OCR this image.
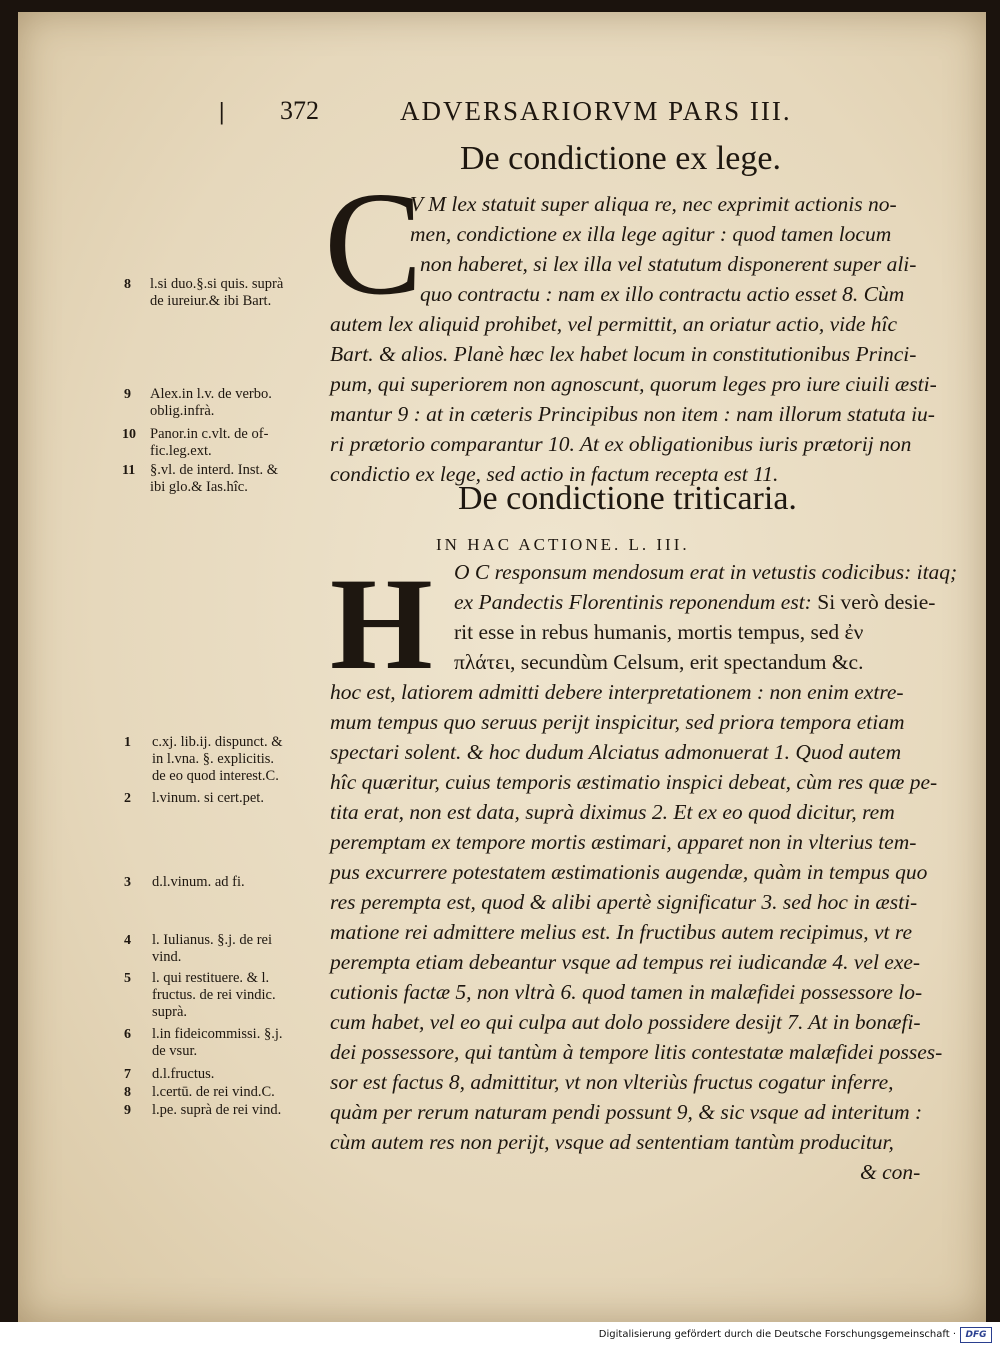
| 372	ADVERSARIORVM PARS III.
De condictione ex lege.
C
V M lex statuit super aliqua re, nec exprimit actionis no-
men, condictione ex illa lege agitur : quod tamen locum
non haberet, si lex illa vel statutum disponerent super ali-
quo contractu : nam ex illo contractu actio esset 8. Cùm
autem lex aliquid prohibet, vel permittit, an oriatur actio, vide hîc
Bart. & alios. Planè hæc lex habet locum in constitutionibus Princi-
pum, qui superiorem non agnoscunt, quorum leges pro iure ciuili æsti-
mantur 9 : at in cæteris Principibus non item : nam illorum statuta iu-
ri prætorio comparantur 10. At ex obligationibus iuris prætorij non
condictio ex lege, sed actio in factum recepta est 11.
8 l.si duo.§.si quis. suprà
de iureiur.& ibi Bart.
9 Alex.in l.v. de verbo.
oblig.infrà.
10 Panor.in c.vlt. de of-
fic.leg.ext.
11 §.vl. de interd. Inst. &
ibi glo.& Ias.hîc.	De condictione triticaria.
IN HAC ACTIONE. L. III.
H O C responsum mendosum erat in vetustis codicibus: itaq;
ex Pandectis Florentinis reponendum est: Si verò desie-
rit esse in rebus humanis, mortis tempus, sed ἐν
πλάτει, secundùm Celsum, erit spectandum &c.
hoc est, latiorem admitti debere interpretationem : non enim extre-
mum tempus quo seruus perijt inspicitur, sed priora tempora etiam
spectari solent. & hoc dudum Alciatus admonuerat 1. Quod autem
hîc quæritur, cuius temporis æstimatio inspici debeat, cùm res quæ pe-
tita erat, non est data, suprà diximus 2. Et ex eo quod dicitur, rem
peremptam ex tempore mortis æstimari, apparet non in vlterius tem-
pus excurrere potestatem æstimationis augendæ, quàm in tempus quo
res perempta est, quod & alibi apertè significatur 3. sed hoc in æsti-
matione rei admittere melius est. In fructibus autem recipimus, vt re
perempta etiam debeantur vsque ad tempus rei iudicandæ 4. vel exe-
cutionis factæ 5, non vltrà 6. quod tamen in malæfidei possessore lo-
cum habet, vel eo qui culpa aut dolo possidere desijt 7. At in bonæfi-
dei possessore, qui tantùm à tempore litis contestatæ malæfidei posses-
sor est factus 8, admittitur, vt non vlteriùs fructus cogatur inferre,
quàm per rerum naturam pendi possunt 9, & sic vsque ad interitum :
cùm autem res non perijt, vsque ad sententiam tantùm producitur,
& con-
1 c.xj. lib.ij. dispunct. &
in l.vna. §. explicitis.
de eo quod interest.C.
2 l.vinum. si cert.pet.
3 d.l.vinum. ad fi.
4 l. Iulianus. §.j. de rei
vind.
5 l. qui restituere. & l.
fructus. de rei vindic.
suprà.
6 l.in fideicommissi. §.j.
de vsur.
7 d.l.fructus.
8 l.certū. de rei vind.C.
9 l.pe. suprà de rei vind.
Digitalisierung gefördert durch die Deutsche Forschungsgemeinschaft ·	DFG
